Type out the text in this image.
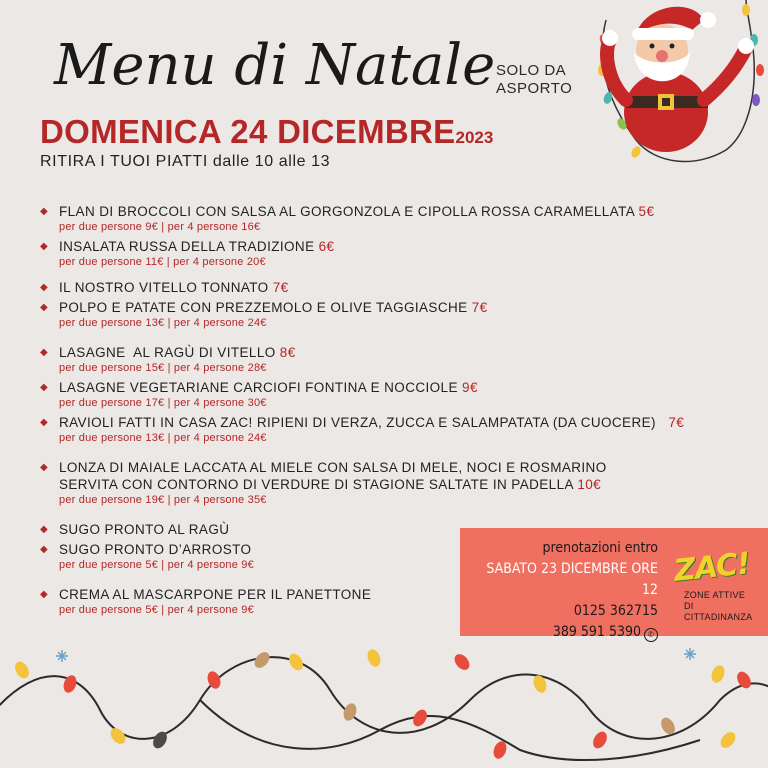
Menu di Natale SOLO DA
ASPORTO
DOMENICA 24 DICEMBRE2023
RITIRA I TUOI PIATTI dalle 10 alle 13
◆ FLAN DI BROCCOLI CON SALSA AL GORGONZOLA E CIPOLLA ROSSA CARAMELLATA 5€
per due persone 9€ | per 4 persone 16€
◆ INSALATA RUSSA DELLA TRADIZIONE 6€
per due persone 11€ | per 4 persone 20€
◆ IL NOSTRO VITELLO TONNATO 7€
◆ POLPO E PATATE CON PREZZEMOLO E OLIVE TAGGIASCHE 7€
per due persone 13€ | per 4 persone 24€
◆ LASAGNE  AL RAGÙ DI VITELLO 8€
per due persone 15€ | per 4 persone 28€
◆ LASAGNE VEGETARIANE CARCIOFI FONTINA E NOCCIOLE 9€
per due persone 17€ | per 4 persone 30€
◆ RAVIOLI FATTI IN CASA ZAC! RIPIENI DI VERZA, ZUCCA E SALAMPATATA (DA CUOCERE) 7€
per due persone 13€ | per 4 persone 24€
◆ LONZA DI MAIALE LACCATA AL MIELE CON SALSA DI MELE, NOCI E ROSMARINO
SERVITA CON CONTORNO DI VERDURE DI STAGIONE SALTATE IN PADELLA 10€
per due persone 19€ | per 4 persone 35€
◆ SUGO PRONTO AL RAGÙ
◆ SUGO PRONTO D’ARROSTO
per due persone 5€ | per 4 persone 9€
◆ CREMA AL MASCARPONE PER IL PANETTONE
per due persone 5€ | per 4 persone 9€
prenotazioni entro
SABATO 23 DICEMBRE ORE 12
0125 362715
389 591 5390 ✆
ZAC!
ZONE ATTIVE
DI CITTADINANZA
